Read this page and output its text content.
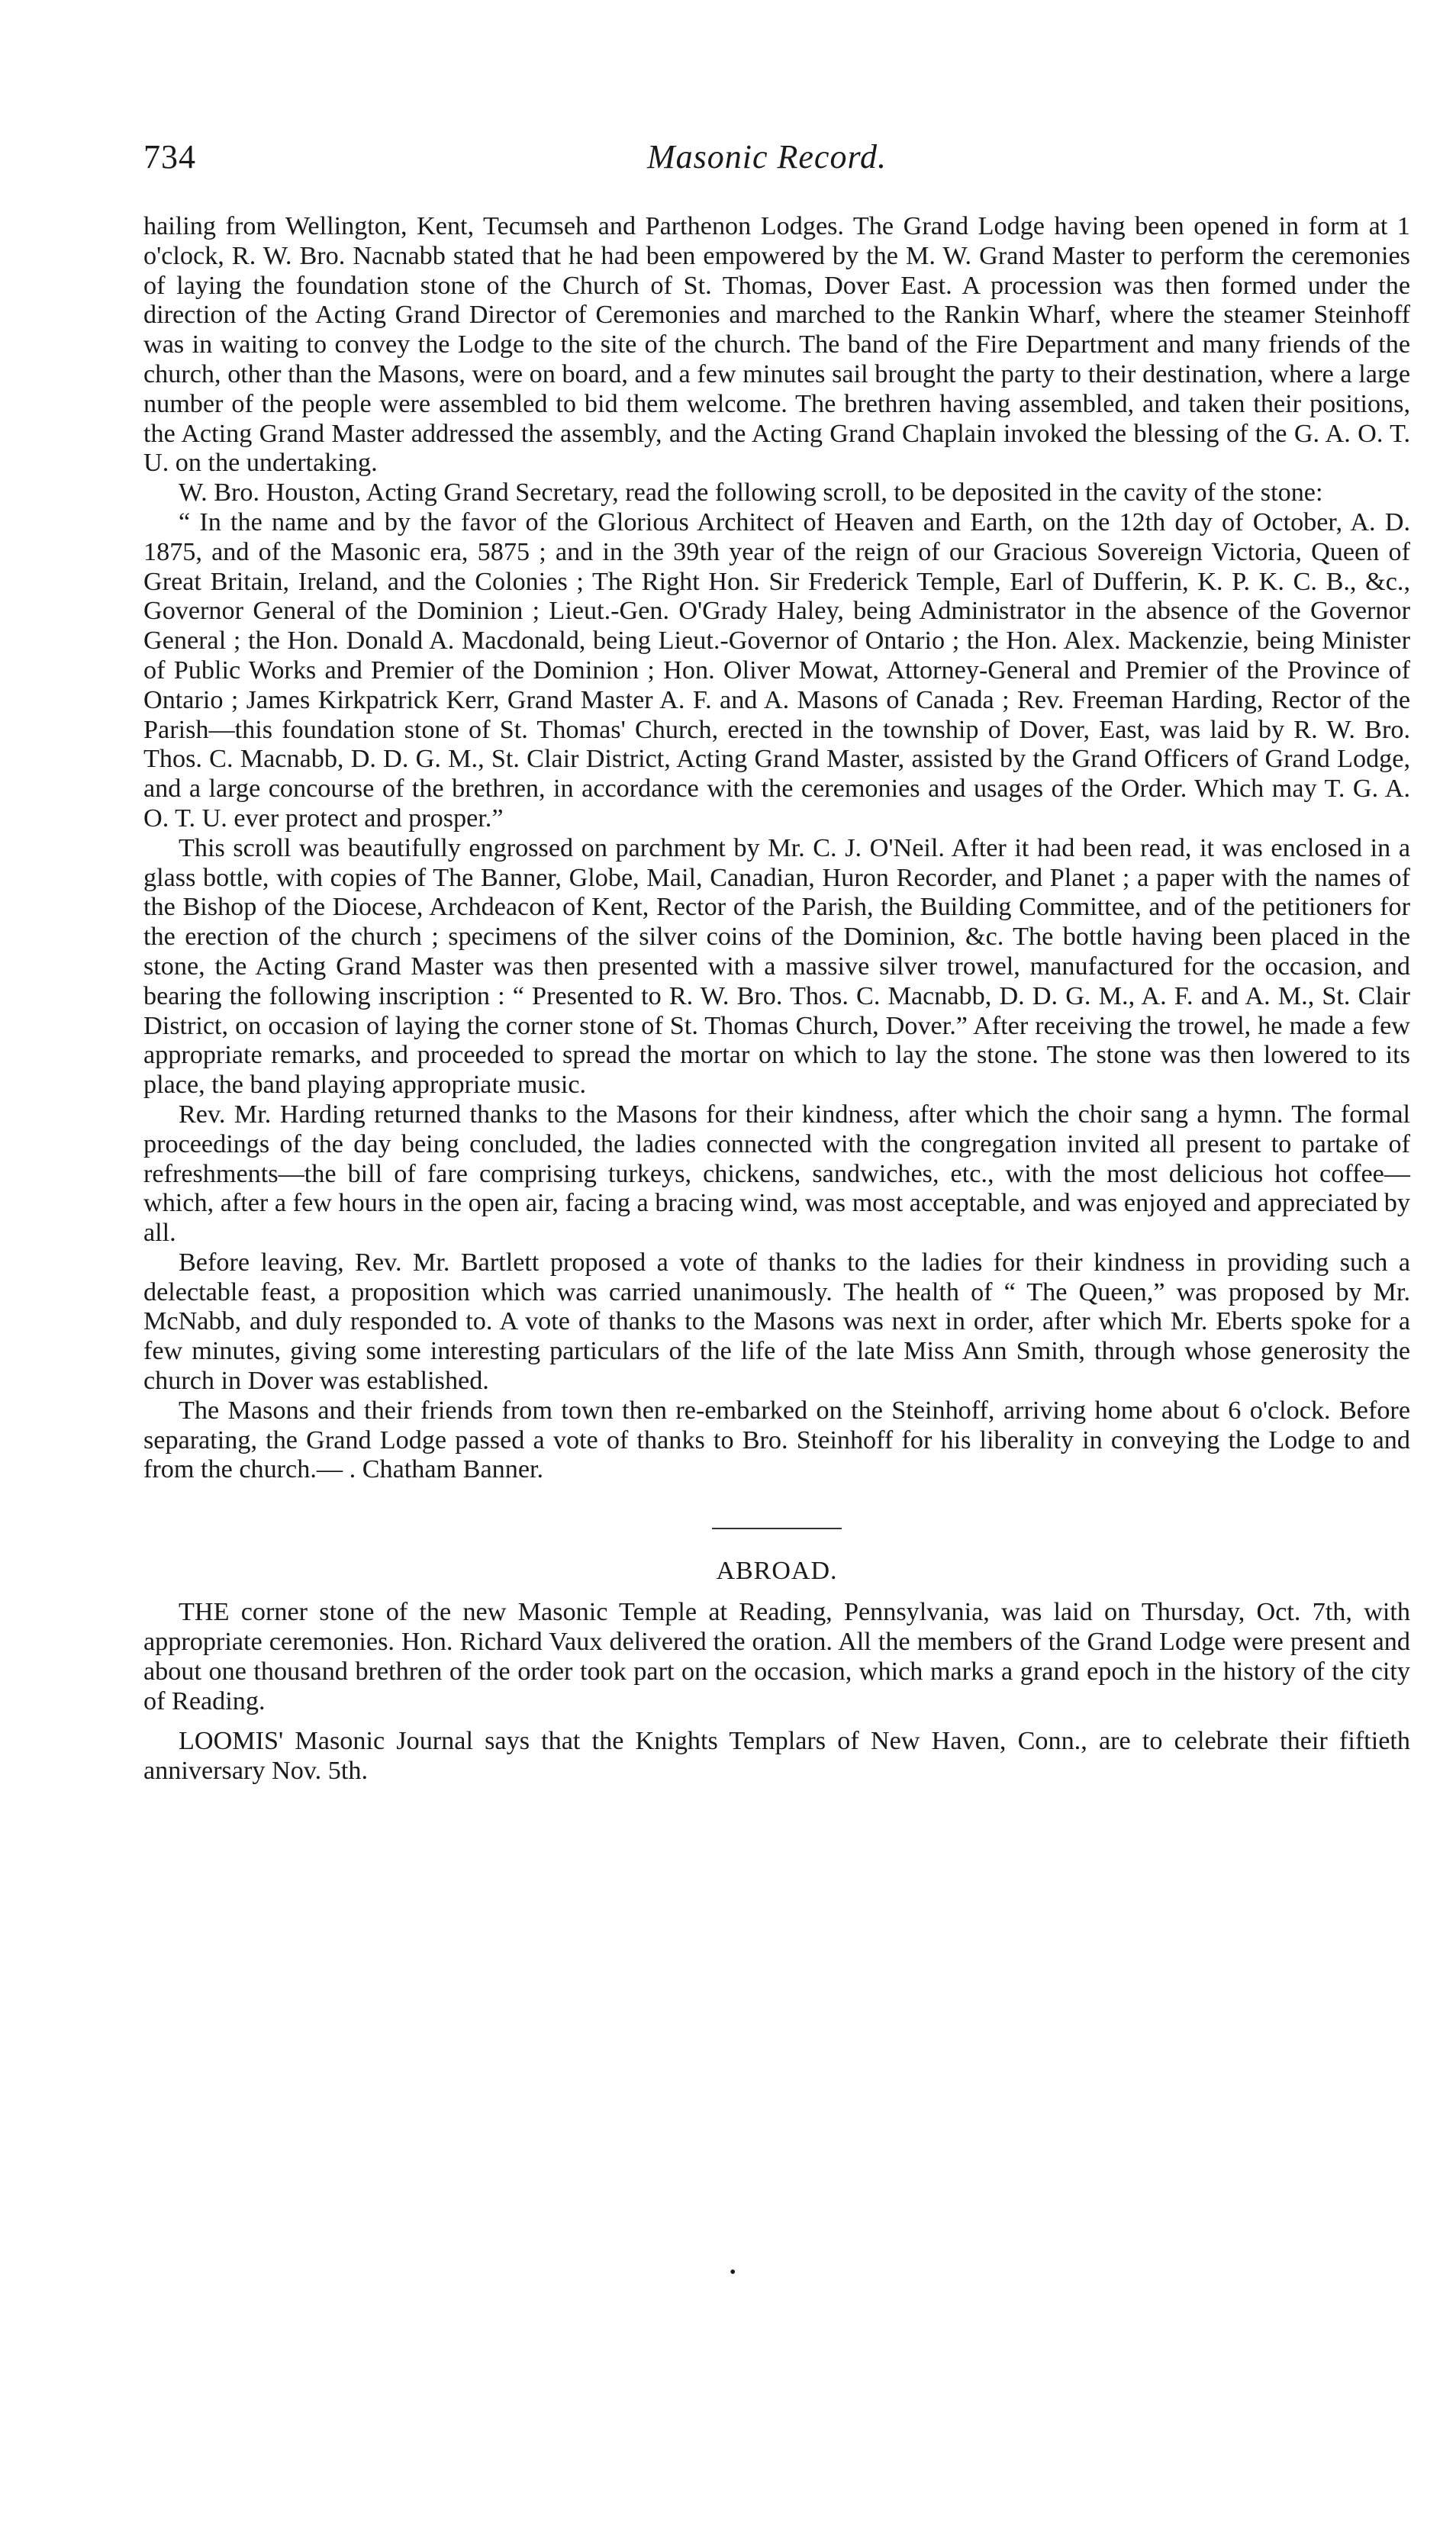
734	Masonic Record.

hailing from Wellington, Kent, Tecumseh and Parthenon Lodges. The Grand Lodge having been opened in form at 1 o'clock, R. W. Bro. Nacnabb stated that he had been empowered by the M. W. Grand Master to perform the ceremonies of laying the foundation stone of the Church of St. Thomas, Dover East. A procession was then formed under the direction of the Acting Grand Director of Ceremonies and marched to the Rankin Wharf, where the steamer Steinhoff was in waiting to convey the Lodge to the site of the church. The band of the Fire Department and many friends of the church, other than the Masons, were on board, and a few minutes sail brought the party to their destination, where a large number of the people were assembled to bid them welcome. The brethren having assembled, and taken their positions, the Acting Grand Master addressed the assembly, and the Acting Grand Chaplain invoked the blessing of the G. A. O. T. U. on the undertaking.

W. Bro. Houston, Acting Grand Secretary, read the following scroll, to be deposited in the cavity of the stone:

“ In the name and by the favor of the Glorious Architect of Heaven and Earth, on the 12th day of October, A. D. 1875, and of the Masonic era, 5875 ; and in the 39th year of the reign of our Gracious Sovereign Victoria, Queen of Great Britain, Ireland, and the Colonies ; The Right Hon. Sir Frederick Temple, Earl of Dufferin, K. P. K. C. B., &c., Governor General of the Dominion ; Lieut.-Gen. O'Grady Haley, being Administrator in the absence of the Governor General ; the Hon. Donald A. Macdonald, being Lieut.-Governor of Ontario ; the Hon. Alex. Mackenzie, being Minister of Public Works and Premier of the Dominion ; Hon. Oliver Mowat, Attorney-General and Premier of the Province of Ontario ; James Kirkpatrick Kerr, Grand Master A. F. and A. Masons of Canada ; Rev. Freeman Harding, Rector of the Parish—this foundation stone of St. Thomas' Church, erected in the township of Dover, East, was laid by R. W. Bro. Thos. C. Macnabb, D. D. G. M., St. Clair District, Acting Grand Master, assisted by the Grand Officers of Grand Lodge, and a large concourse of the brethren, in accordance with the ceremonies and usages of the Order. Which may T. G. A. O. T. U. ever protect and prosper.”

This scroll was beautifully engrossed on parchment by Mr. C. J. O'Neil. After it had been read, it was enclosed in a glass bottle, with copies of The Banner, Globe, Mail, Canadian, Huron Recorder, and Planet ; a paper with the names of the Bishop of the Diocese, Archdeacon of Kent, Rector of the Parish, the Building Committee, and of the petitioners for the erection of the church ; specimens of the silver coins of the Dominion, &c. The bottle having been placed in the stone, the Acting Grand Master was then presented with a massive silver trowel, manufactured for the occasion, and bearing the following inscription : “ Presented to R. W. Bro. Thos. C. Macnabb, D. D. G. M., A. F. and A. M., St. Clair District, on occasion of laying the corner stone of St. Thomas Church, Dover.” After receiving the trowel, he made a few appropriate remarks, and proceeded to spread the mortar on which to lay the stone. The stone was then lowered to its place, the band playing appropriate music.

Rev. Mr. Harding returned thanks to the Masons for their kindness, after which the choir sang a hymn. The formal proceedings of the day being concluded, the ladies connected with the congregation invited all present to partake of refreshments—the bill of fare comprising turkeys, chickens, sandwiches, etc., with the most delicious hot coffee—which, after a few hours in the open air, facing a bracing wind, was most acceptable, and was enjoyed and appreciated by all.

Before leaving, Rev. Mr. Bartlett proposed a vote of thanks to the ladies for their kindness in providing such a delectable feast, a proposition which was carried unanimously. The health of “ The Queen,” was proposed by Mr. McNabb, and duly responded to. A vote of thanks to the Masons was next in order, after which Mr. Eberts spoke for a few minutes, giving some interesting particulars of the life of the late Miss Ann Smith, through whose generosity the church in Dover was established.

The Masons and their friends from town then re-embarked on the Steinhoff, arriving home about 6 o'clock. Before separating, the Grand Lodge passed a vote of thanks to Bro. Steinhoff for his liberality in conveying the Lodge to and from the church.— . Chatham Banner.

ABROAD.

THE corner stone of the new Masonic Temple at Reading, Pennsylvania, was laid on Thursday, Oct. 7th, with appropriate ceremonies. Hon. Richard Vaux delivered the oration. All the members of the Grand Lodge were present and about one thousand brethren of the order took part on the occasion, which marks a grand epoch in the history of the city of Reading.

LOOMIS' Masonic Journal says that the Knights Templars of New Haven, Conn., are to celebrate their fiftieth anniversary Nov. 5th.

•
